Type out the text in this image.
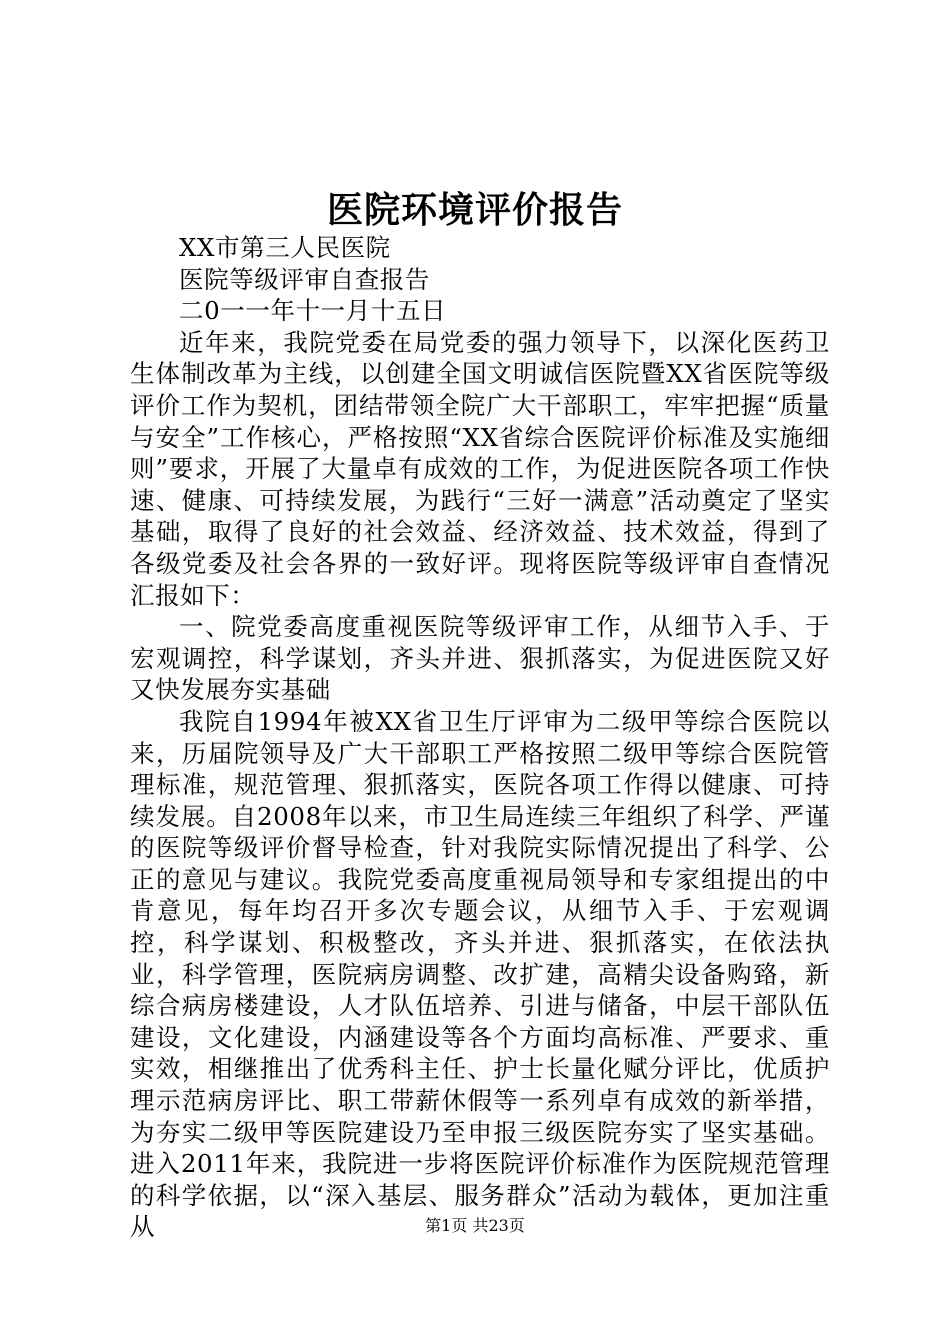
医院环境评价报告

XX市第三人民医院

医院等级评审自查报告

二0一一年十一月十五日

近年来，我院党委在局党委的强力领导下，以深化医药卫生体制改革为主线，以创建全国文明诚信医院暨XX省医院等级评价工作为契机，团结带领全院广大干部职工，牢牢把握“质量与安全”工作核心，严格按照“XX省综合医院评价标准及实施细则”要求，开展了大量卓有成效的工作，为促进医院各项工作快速、健康、可持续发展，为践行“三好一满意”活动奠定了坚实基础，取得了良好的社会效益、经济效益、技术效益，得到了各级党委及社会各界的一致好评。现将医院等级评审自查情况汇报如下：

一、院党委高度重视医院等级评审工作，从细节入手、于宏观调控，科学谋划，齐头并进、狠抓落实，为促进医院又好又快发展夯实基础

我院自1994年被XX省卫生厅评审为二级甲等综合医院以来，历届院领导及广大干部职工严格按照二级甲等综合医院管理标准，规范管理、狠抓落实，医院各项工作得以健康、可持续发展。自2008年以来，市卫生局连续三年组织了科学、严谨的医院等级评价督导检查，针对我院实际情况提出了科学、公正的意见与建议。我院党委高度重视局领导和专家组提出的中肯意见，每年均召开多次专题会议，从细节入手、于宏观调控，科学谋划、积极整改，齐头并进、狠抓落实，在依法执业，科学管理，医院病房调整、改扩建，高精尖设备购臵，新综合病房楼建设，人才队伍培养、引进与储备，中层干部队伍建设，文化建设，内涵建设等各个方面均高标准、严要求、重实效，相继推出了优秀科主任、护士长量化赋分评比，优质护理示范病房评比、职工带薪休假等一系列卓有成效的新举措，为夯实二级甲等医院建设乃至申报三级医院夯实了坚实基础。进入2011年来，我院进一步将医院评价标准作为医院规范管理的科学依据，以“深入基层、服务群众”活动为载体，更加注重从	第1页 共23页
